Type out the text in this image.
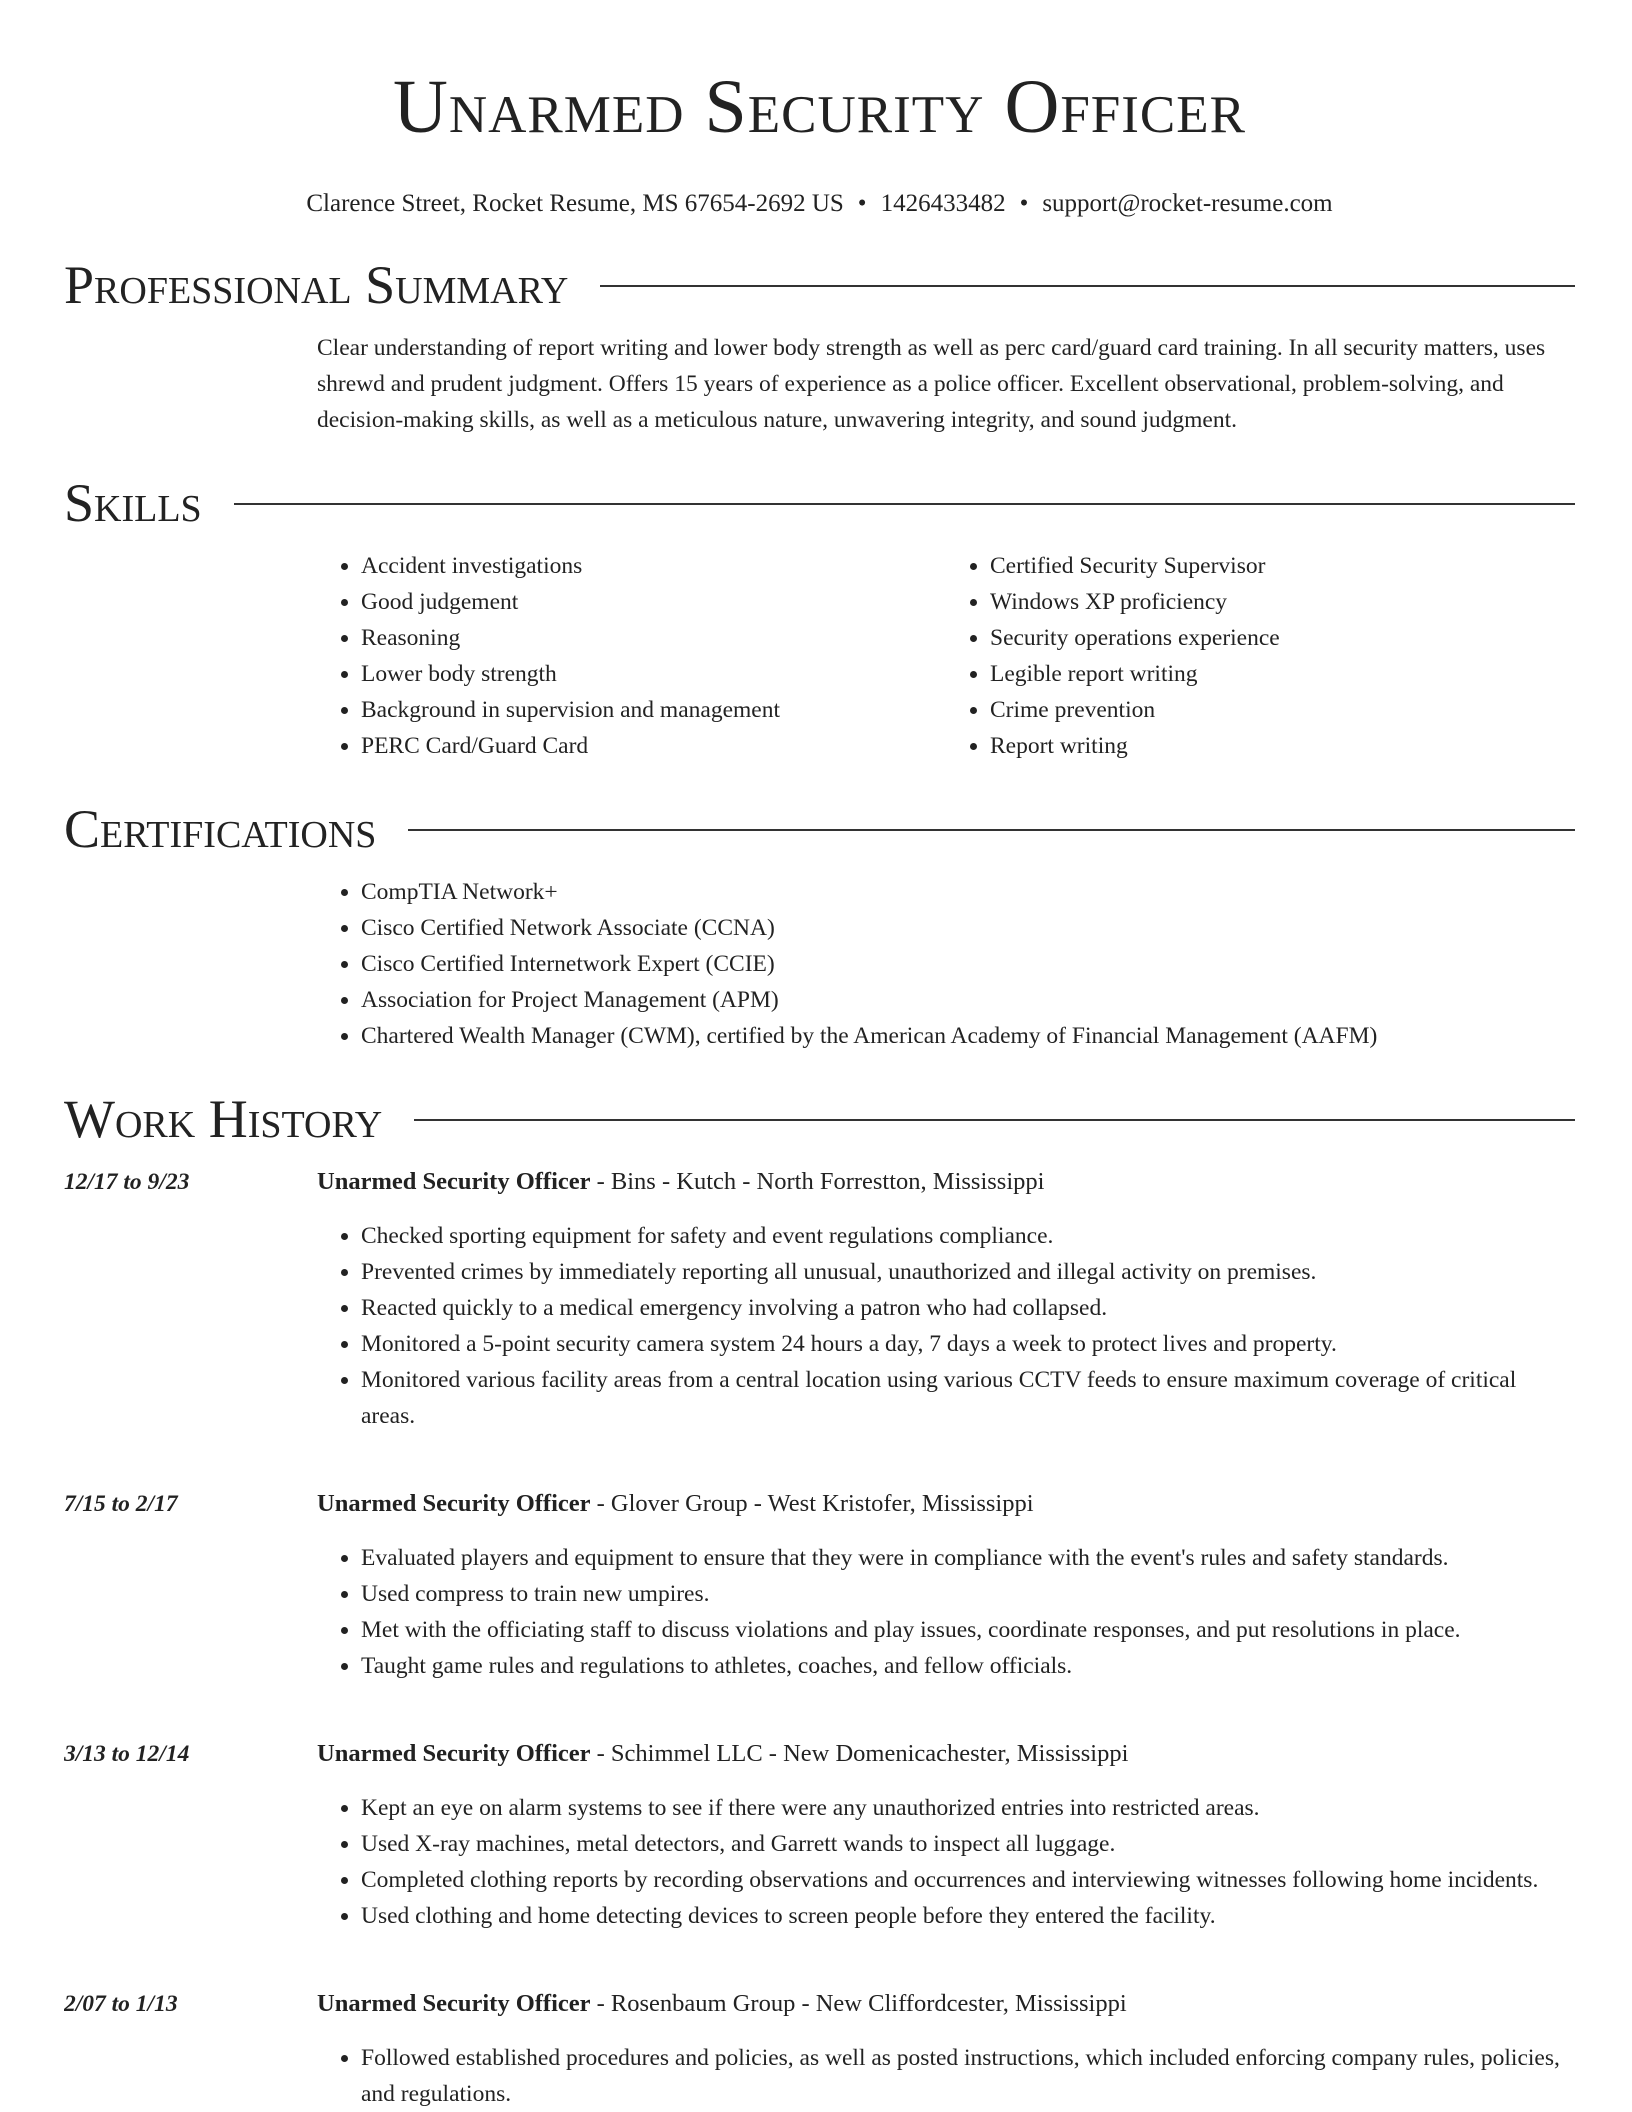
Unarmed Security Officer
Clarence Street, Rocket Resume, MS 67654-2692 US • 1426433482 • support@rocket-resume.com
Professional Summary
Clear understanding of report writing and lower body strength as well as perc card/guard card training. In all security matters, uses shrewd and prudent judgment. Offers 15 years of experience as a police officer. Excellent observational, problem-solving, and decision-making skills, as well as a meticulous nature, unwavering integrity, and sound judgment.
Skills
• Accident investigations
• Good judgement
• Reasoning
• Lower body strength
• Background in supervision and management
• PERC Card/Guard Card
• Certified Security Supervisor
• Windows XP proficiency
• Security operations experience
• Legible report writing
• Crime prevention
• Report writing
Certifications
• CompTIA Network+
• Cisco Certified Network Associate (CCNA)
• Cisco Certified Internetwork Expert (CCIE)
• Association for Project Management (APM)
• Chartered Wealth Manager (CWM), certified by the American Academy of Financial Management (AAFM)
Work History
12/17 to 9/23	Unarmed Security Officer - Bins - Kutch - North Forrestton, Mississippi
• Checked sporting equipment for safety and event regulations compliance.
• Prevented crimes by immediately reporting all unusual, unauthorized and illegal activity on premises.
• Reacted quickly to a medical emergency involving a patron who had collapsed.
• Monitored a 5-point security camera system 24 hours a day, 7 days a week to protect lives and property.
• Monitored various facility areas from a central location using various CCTV feeds to ensure maximum coverage of critical areas.
7/15 to 2/17	Unarmed Security Officer - Glover Group - West Kristofer, Mississippi
• Evaluated players and equipment to ensure that they were in compliance with the event's rules and safety standards.
• Used compress to train new umpires.
• Met with the officiating staff to discuss violations and play issues, coordinate responses, and put resolutions in place.
• Taught game rules and regulations to athletes, coaches, and fellow officials.
3/13 to 12/14	Unarmed Security Officer - Schimmel LLC - New Domenicachester, Mississippi
• Kept an eye on alarm systems to see if there were any unauthorized entries into restricted areas.
• Used X-ray machines, metal detectors, and Garrett wands to inspect all luggage.
• Completed clothing reports by recording observations and occurrences and interviewing witnesses following home incidents.
• Used clothing and home detecting devices to screen people before they entered the facility.
2/07 to 1/13	Unarmed Security Officer - Rosenbaum Group - New Cliffordcester, Mississippi
• Followed established procedures and policies, as well as posted instructions, which included enforcing company rules, policies, and regulations.
